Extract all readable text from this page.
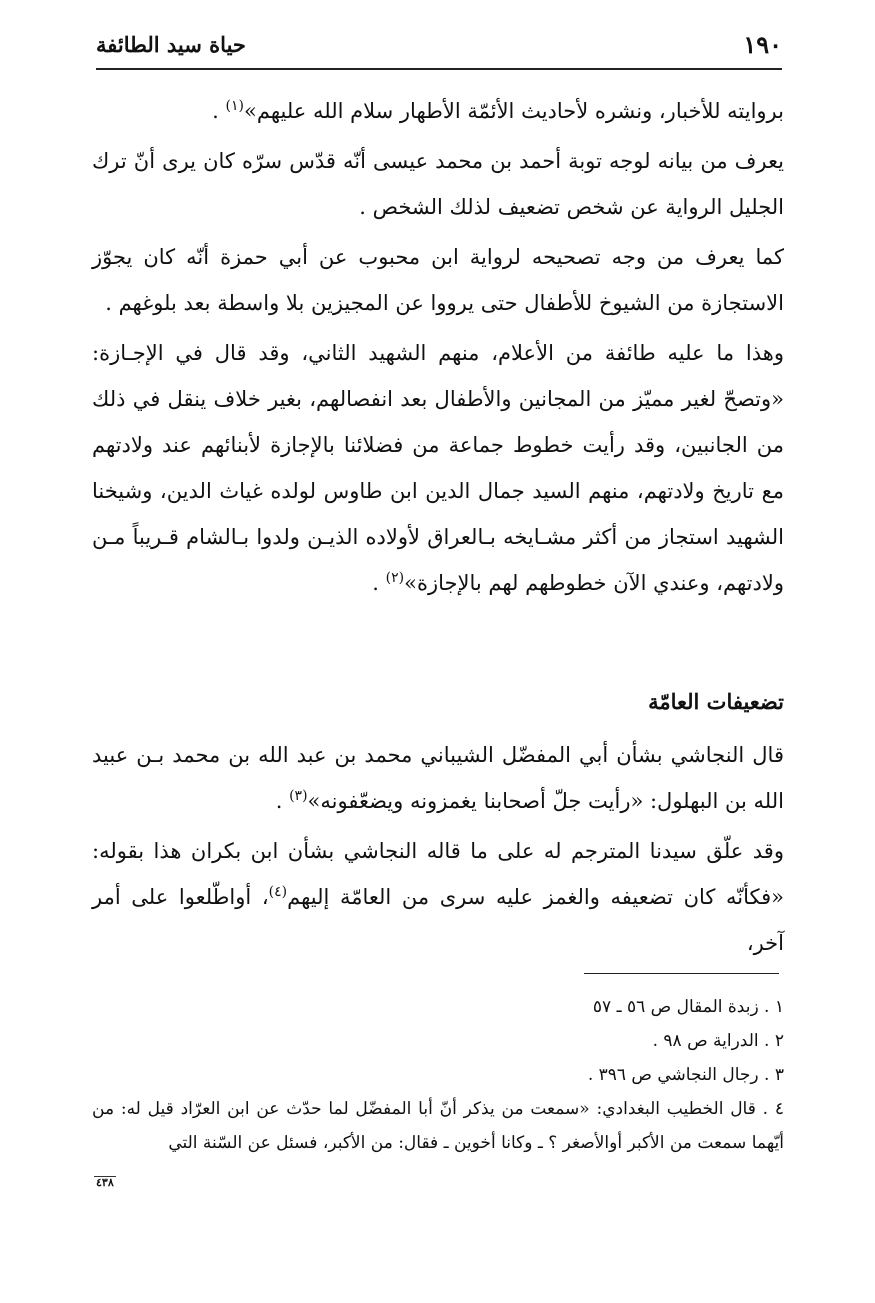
حياة سيد الطائفة	١٩٠

بروايته للأخبار، ونشره لأحاديث الأئمّة الأطهار سلام الله عليهم»$^{(١)}$ .

يعرف من بيانه لوجه توبة أحمد بن محمد عيسى أنّه قدّس سرّه كان يرى أنّ ترك الجليل الرواية عن شخص تضعيف لذلك الشخص .

كما يعرف من وجه تصحيحه لرواية ابن محبوب عن أبي حمزة أنّه كان يجوّز الاستجازة من الشيوخ للأطفال حتى يرووا عن المجيزين بلا واسطة بعد بلوغهم .

وهذا ما عليه طائفة من الأعلام، منهم الشهيد الثاني، وقد قال في الإجـازة: «وتصحّ لغير مميّز من المجانين والأطفال بعد انفصالهم، بغير خلاف ينقل في ذلك من الجانبين، وقد رأيت خطوط جماعة من فضلائنا بالإجازة لأبنائهم عند ولادتهم مع تاريخ ولادتهم، منهم السيد جمال الدين ابن طاوس لولده غياث الدين، وشيخنا الشهيد استجاز من أكثر مشـايخه بـالعراق لأولاده الذيـن ولدوا بـالشام قـريباً مـن ولادتهم، وعندي الآن خطوطهم لهم بالإجازة»$^{(٢)}$ .

تضعيفات العامّة

قال النجاشي بشأن أبي المفضّل الشيباني محمد بن عبد الله بن محمد بـن عبيد الله بن البهلول: «رأيت جلّ أصحابنا يغمزونه ويضعّفونه»$^{(٣)}$ .

وقد علّق سيدنا المترجم له على ما قاله النجاشي بشأن ابن بكران هذا بقوله: «فكأنّه كان تضعيفه والغمز عليه سرى من العامّة إليهم$^{(٤)}$، أواطّلعوا على أمر آخر،

١ . زبدة المقال ص ٥٦ ـ ٥٧

٢ . الدراية ص ٩٨ .

٣ . رجال النجاشي ص ٣٩٦ .

٤ . قال الخطيب البغدادي: «سمعت من يذكر أنّ أبا المفضّل لما حدّث عن ابن العرّاد قيل له: من أيّهما سمعت من الأكبر أوالأصغر ؟ ـ وكانا أخوين ـ فقال: من الأكبر، فسئل عن السّنة التي

٤٣٨
